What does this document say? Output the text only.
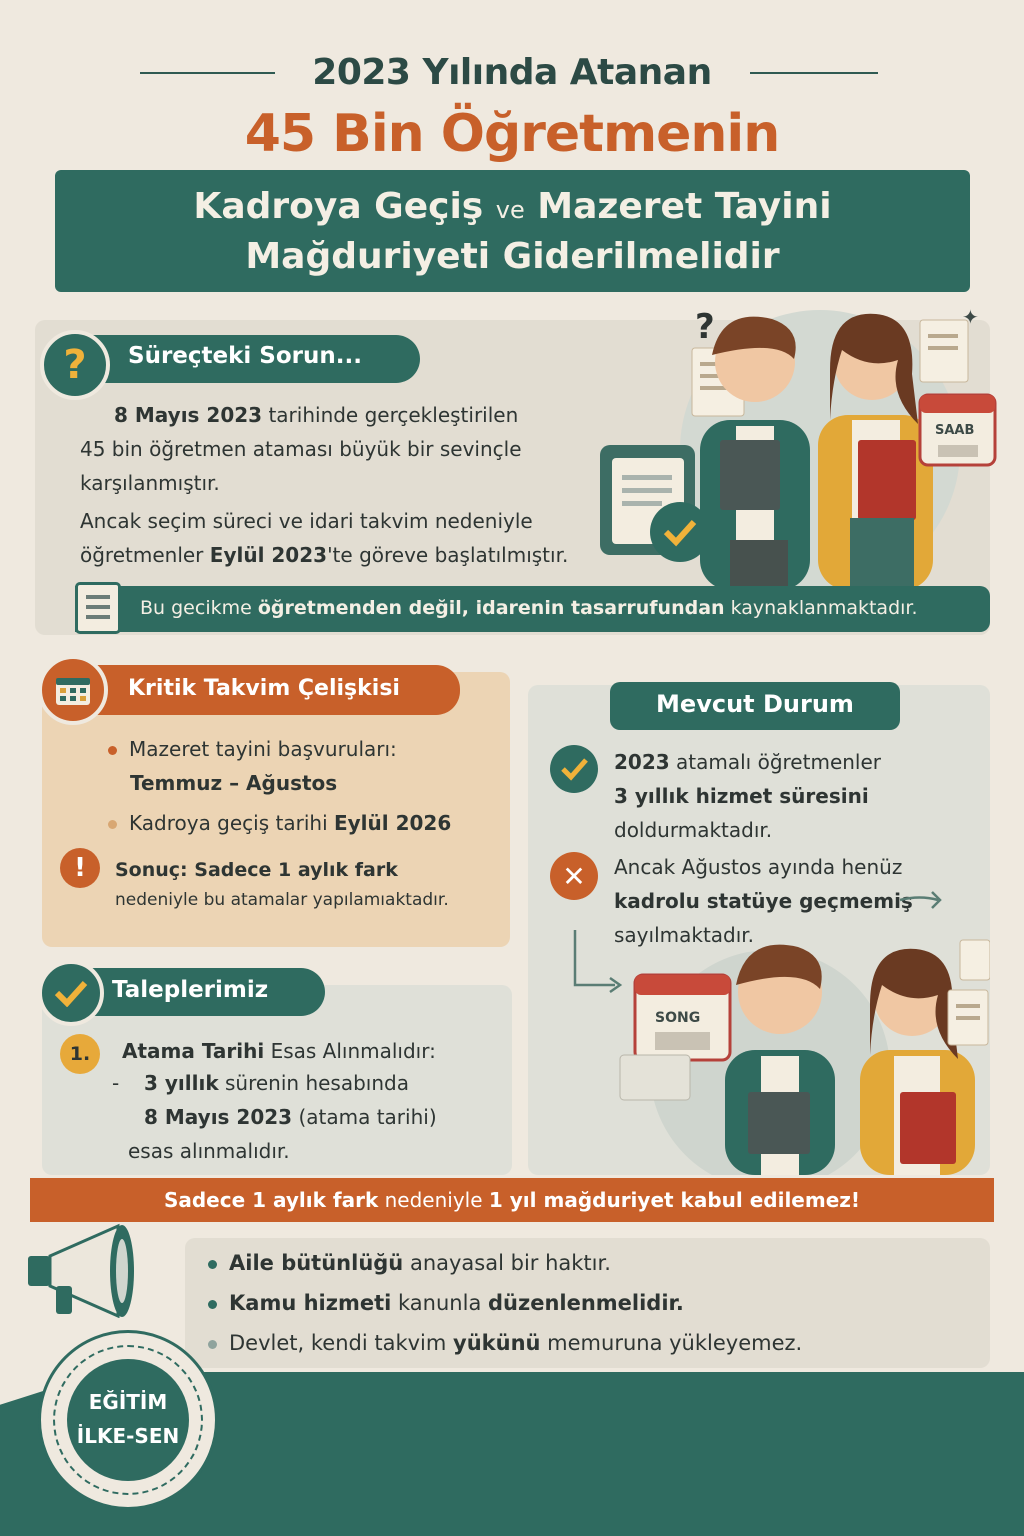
2023 Yılında Atanan
45 Bin Öğretmenin
Kadroya Geçiş ve Mazeret Tayini
Mağduriyeti Giderilmelidir
?	Süreçteki Sorun...
8 Mayıs 2023 tarihinde gerçekleştirilen
45 bin öğretmen ataması büyük bir sevinçle
karşılanmıştır.
Ancak seçim süreci ve idari takvim nedeniyle
öğretmenler Eylül 2023'te göreve başlatılmıştır.
?
SAAB
✦
Bu gecikme öğretmenden değil, idarenin tasarrufundan kaynaklanmaktadır.
Kritik Takvim Çelişkisi
Mazeret tayini başvuruları:
Temmuz – Ağustos
Kadroya geçiş tarihi Eylül 2026
!	Sonuç: Sadece 1 aylık fark
nedeniyle bu atamalar yapılamıaktadır.
Mevcut Durum
2023 atamalı öğretmenler
3 yıllık hizmet süresini
doldurmaktadır.
✕	Ancak Ağustos ayında henüz
kadrolu statüye geçmemiş
sayılmaktadır.
SONG
Taleplerimiz
1.	Atama Tarihi Esas Alınmalıdır:
- 3 yıllık sürenin hesabında
8 Mayıs 2023 (atama tarihi)
esas alınmalıdır.
Sadece 1 aylık fark
nedeniyle
1 yıl mağduriyet kabul edilemez!
Aile bütünlüğü anayasal bir haktır.
Kamu hizmeti kanunla düzenlenmelidir.
Devlet, kendi takvim yükünü memuruna yükleyemez.
EĞİTİM
İLKE-SEN
